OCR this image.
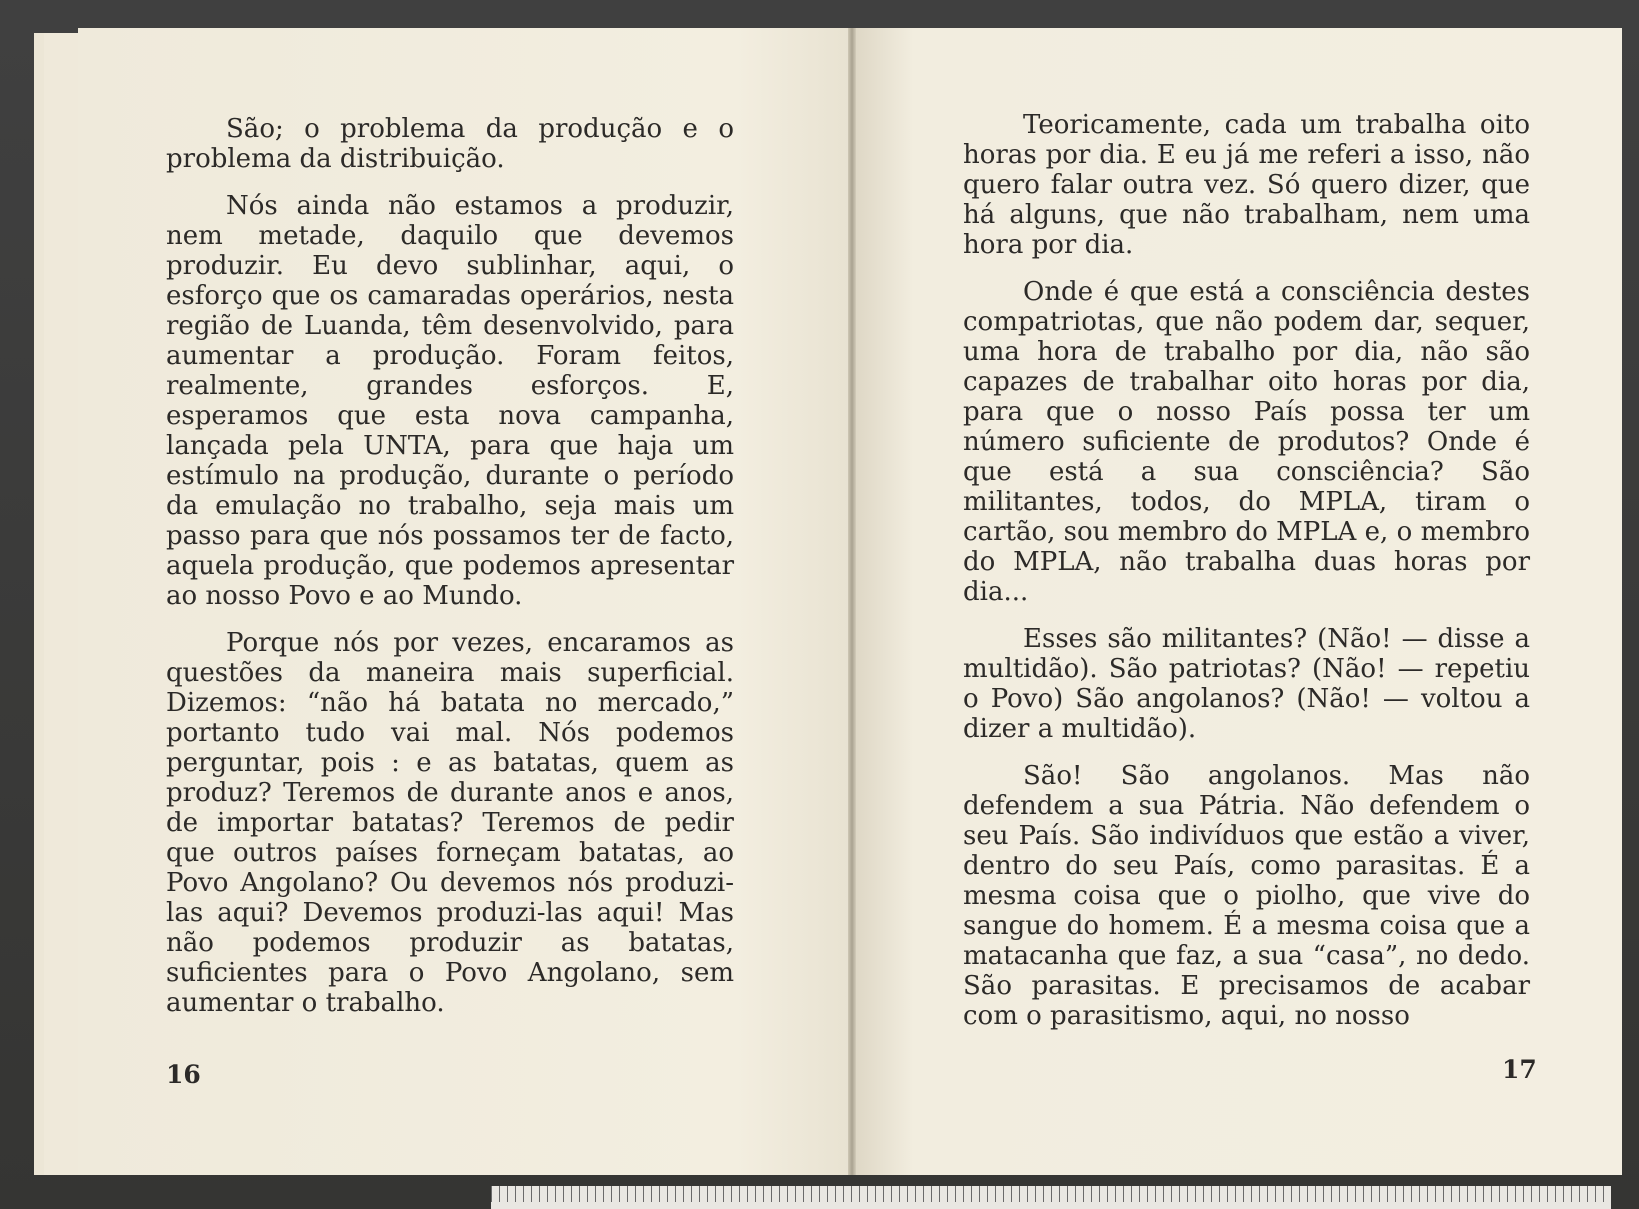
São; o problema da produção e o problema da distribuição.

Nós ainda não estamos a produzir, nem metade, daquilo que devemos produzir. Eu devo sublinhar, aqui, o esforço que os camaradas operários, nesta região de Luanda, têm desenvolvido, para aumentar a produção. Foram feitos, realmente, grandes esforços. E, esperamos que esta nova campanha, lançada pela UNTA, para que haja um estímulo na produção, durante o período da emulação no trabalho, seja mais um passo para que nós possamos ter de facto, aquela produção, que podemos apresentar ao nosso Povo e ao Mundo.

Porque nós por vezes, encaramos as questões da maneira mais superficial. Dizemos: “não há batata no mercado,” portanto tudo vai mal. Nós podemos perguntar, pois : e as batatas, quem as produz? Teremos de durante anos e anos, de importar batatas? Teremos de pedir que outros países forneçam batatas, ao Povo Angolano? Ou devemos nós produzi-las aqui? Devemos produzi-las aqui! Mas não podemos produzir as batatas, suficientes para o Povo Angolano, sem aumentar o trabalho.

16

Teoricamente, cada um trabalha oito horas por dia. E eu já me referi a isso, não quero falar outra vez. Só quero dizer, que há alguns, que não trabalham, nem uma hora por dia.

Onde é que está a consciência destes compatriotas, que não podem dar, sequer, uma hora de trabalho por dia, não são capazes de trabalhar oito horas por dia, para que o nosso País possa ter um número suficiente de produtos? Onde é que está a sua consciência? São militantes, todos, do MPLA, tiram o cartão, sou membro do MPLA e, o membro do MPLA, não trabalha duas horas por dia...

Esses são militantes? (Não! — disse a multidão). São patriotas? (Não! — repetiu o Povo) São angolanos? (Não! — voltou a dizer a multidão).

São! São angolanos. Mas não defendem a sua Pátria. Não defendem o seu País. São indivíduos que estão a viver, dentro do seu País, como parasitas. É a mesma coisa que o piolho, que vive do sangue do homem. É a mesma coisa que a matacanha que faz, a sua “casa”, no dedo. São parasitas. E precisamos de acabar com o parasitismo, aqui, no nosso

17
